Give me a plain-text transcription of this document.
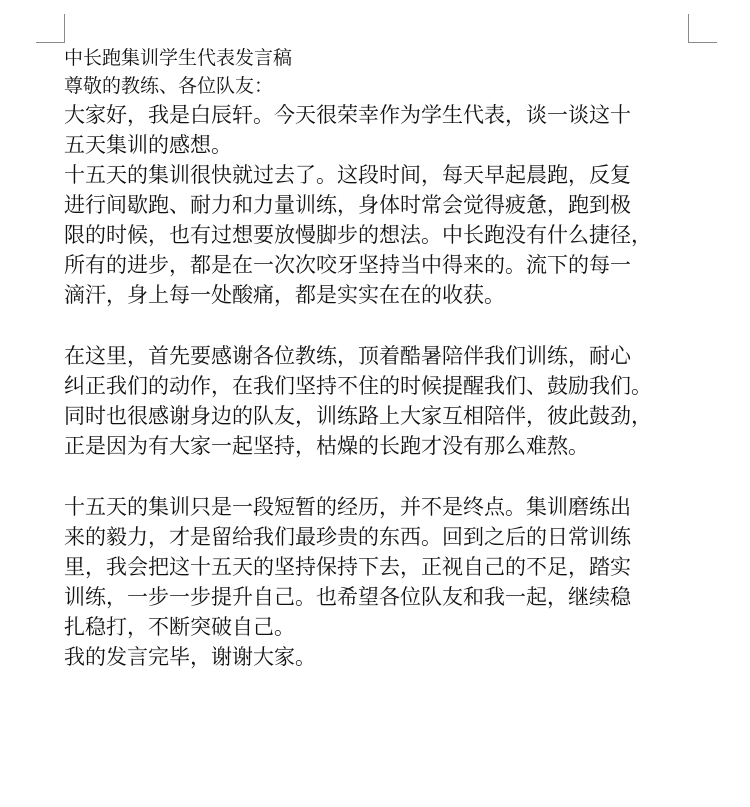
中长跑集训学生代表发言稿
尊敬的教练、各位队友：
大家好，我是白辰轩。今天很荣幸作为学生代表，谈一谈这十
五天集训的感想。
十五天的集训很快就过去了。这段时间，每天早起晨跑，反复
进行间歇跑、耐力和力量训练，身体时常会觉得疲惫，跑到极
限的时候，也有过想要放慢脚步的想法。中长跑没有什么捷径，
所有的进步，都是在一次次咬牙坚持当中得来的。流下的每一
滴汗，身上每一处酸痛，都是实实在在的收获。
在这里，首先要感谢各位教练，顶着酷暑陪伴我们训练，耐心
纠正我们的动作，在我们坚持不住的时候提醒我们、鼓励我们。
同时也很感谢身边的队友，训练路上大家互相陪伴，彼此鼓劲，
正是因为有大家一起坚持，枯燥的长跑才没有那么难熬。
十五天的集训只是一段短暂的经历，并不是终点。集训磨练出
来的毅力，才是留给我们最珍贵的东西。回到之后的日常训练
里，我会把这十五天的坚持保持下去，正视自己的不足，踏实
训练，一步一步提升自己。也希望各位队友和我一起，继续稳
扎稳打，不断突破自己。
我的发言完毕，谢谢大家。
